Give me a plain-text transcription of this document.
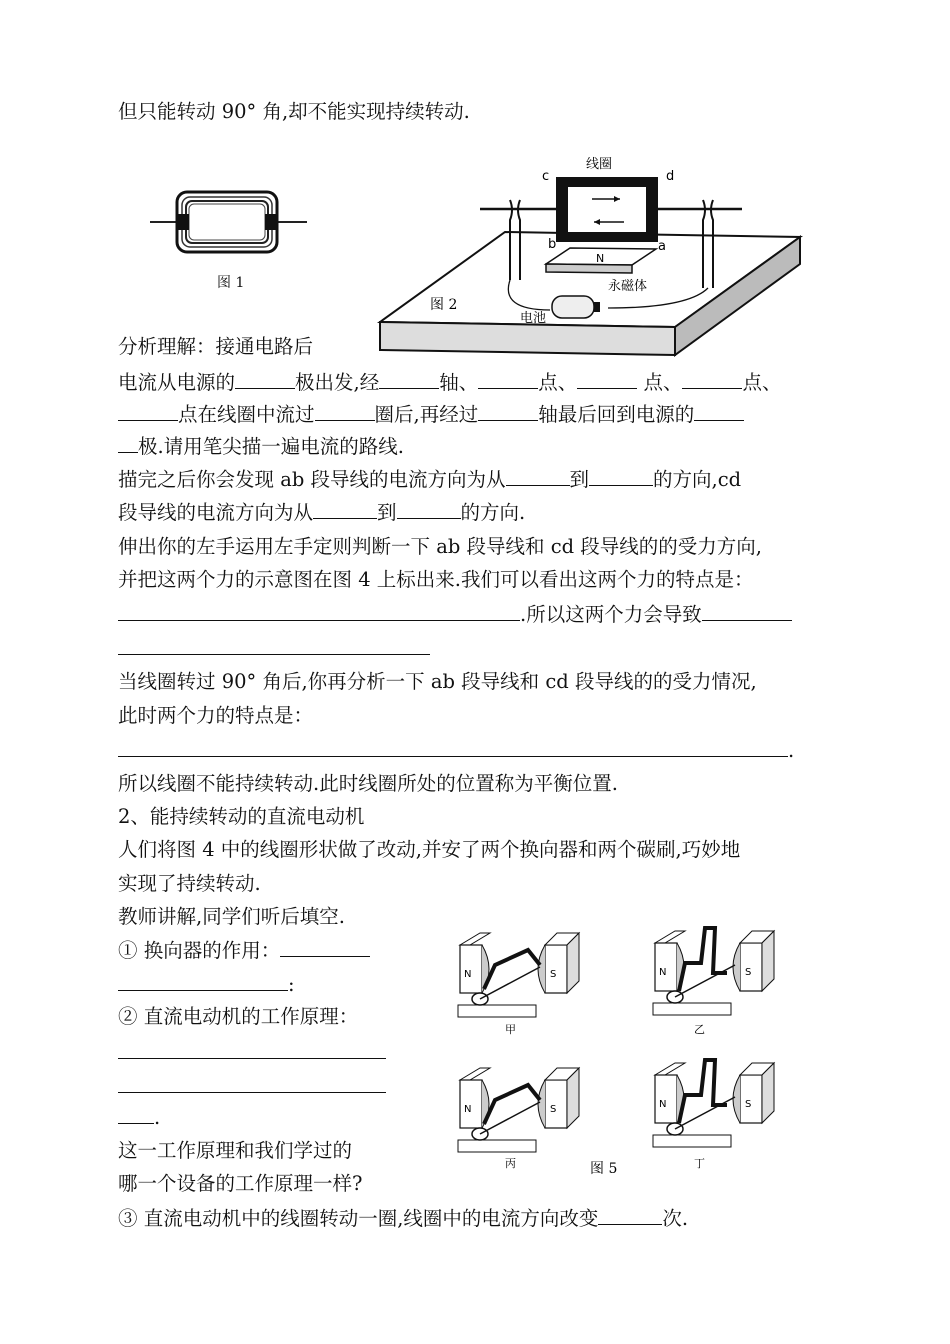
但只能转动 90° 角,却不能实现持续转动.
图 1
N
c	d
b	a
线圈
永磁体
电池
图 2
分析理解：接通电路后
电流从电源的	极出发,经	轴、	点、	点、	点、
点在线圈中流过	圈后,再经过	轴最后回到电源的
极.请用笔尖描一遍电流的路线.
描完之后你会发现 ab 段导线的电流方向为从	到	的方向,cd
段导线的电流方向为从	到	的方向.
伸出你的左手运用左手定则判断一下 ab 段导线和 cd 段导线的的受力方向,
并把这两个力的示意图在图 4 上标出来.我们可以看出这两个力的特点是：
.所以这两个力会导致
当线圈转过 90° 角后,你再分析一下 ab 段导线和 cd 段导线的的受力情况,
此时两个力的特点是：
.
所以线圈不能持续转动.此时线圈所处的位置称为平衡位置.
2、能持续转动的直流电动机
人们将图 4 中的线圈形状做了改动,并安了两个换向器和两个碳刷,巧妙地
实现了持续转动.
教师讲解,同学们听后填空.
① 换向器的作用：
:
② 直流电动机的工作原理：
.
这一工作原理和我们学过的
哪一个设备的工作原理一样?
③ 直流电动机中的线圈转动一圈,线圈中的电流方向改变	次.
N	S
甲
N	S
乙
N	S
丙
N	S
丁
图 5
